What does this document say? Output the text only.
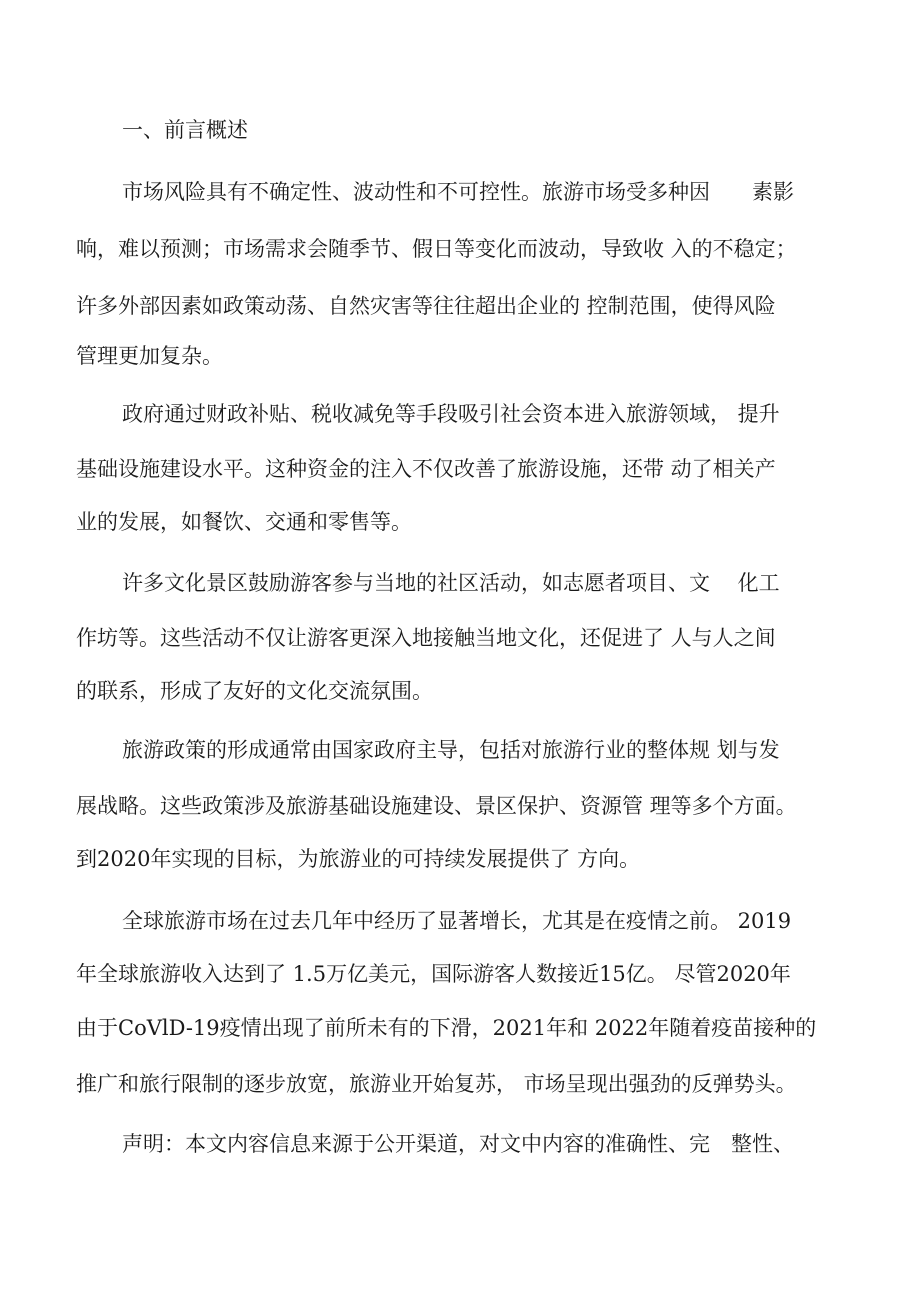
一、前言概述
市场风险具有不确定性、波动性和不可控性。旅游市场受多种因　　素影
响，难以预测；市场需求会随季节、假日等变化而波动，导致收 入的不稳定；
许多外部因素如政策动荡、自然灾害等往往超出企业的 控制范围，使得风险
管理更加复杂。
政府通过财政补贴、税收减免等手段吸引社会资本进入旅游领域， 提升
基础设施建设水平。这种资金的注入不仅改善了旅游设施，还带 动了相关产
业的发展，如餐饮、交通和零售等。
许多文化景区鼓励游客参与当地的社区活动，如志愿者项目、文　 化工
作坊等。这些活动不仅让游客更深入地接触当地文化，还促进了 人与人之间
的联系，形成了友好的文化交流氛围。
旅游政策的形成通常由国家政府主导，包括对旅游行业的整体规 划与发
展战略。这些政策涉及旅游基础设施建设、景区保护、资源管 理等多个方面。
到2020年实现的目标，为旅游业的可持续发展提供了 方向。
全球旅游市场在过去几年中经历了显著增长，尤其是在疫情之前。 2019
年全球旅游收入达到了 1.5万亿美元，国际游客人数接近15亿。 尽管2020年
由于CoVlD-19疫情出现了前所未有的下滑，2021年和 2022年随着疫苗接种的
推广和旅行限制的逐步放宽，旅游业开始复苏， 市场呈现出强劲的反弹势头。
声明：本文内容信息来源于公开渠道，对文中内容的准确性、完　整性、
